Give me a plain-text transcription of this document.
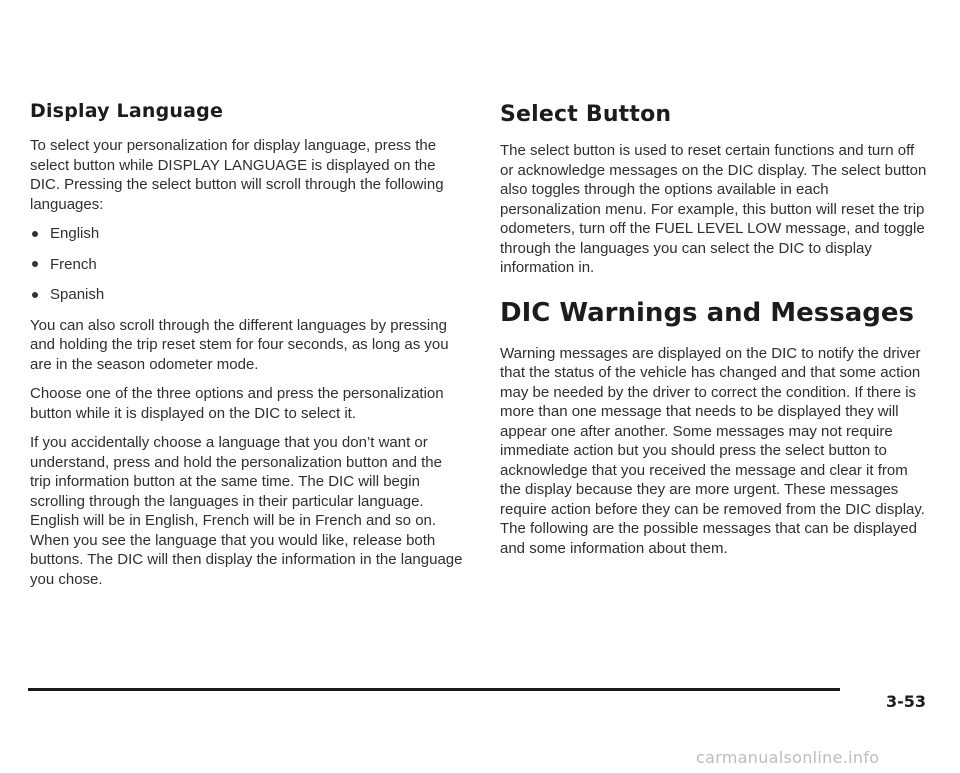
Display Language

To select your personalization for display language, press the select button while DISPLAY LANGUAGE is displayed on the DIC. Pressing the select button will scroll through the following languages:

English
French
Spanish

You can also scroll through the different languages by pressing and holding the trip reset stem for four seconds, as long as you are in the season odometer mode.

Choose one of the three options and press the personalization button while it is displayed on the DIC to select it.

If you accidentally choose a language that you don’t want or understand, press and hold the personalization button and the trip information button at the same time. The DIC will begin scrolling through the languages in their particular language. English will be in English, French will be in French and so on. When you see the language that you would like, release both buttons. The DIC will then display the information in the language you chose.

Select Button

The select button is used to reset certain functions and turn off or acknowledge messages on the DIC display. The select button also toggles through the options available in each personalization menu. For example, this button will reset the trip odometers, turn off the FUEL LEVEL LOW message, and toggle through the languages you can select the DIC to display information in.

DIC Warnings and Messages

Warning messages are displayed on the DIC to notify the driver that the status of the vehicle has changed and that some action may be needed by the driver to correct the condition. If there is more than one message that needs to be displayed they will appear one after another. Some messages may not require immediate action but you should press the select button to acknowledge that you received the message and clear it from the display because they are more urgent. These messages require action before they can be removed from the DIC display. The following are the possible messages that can be displayed and some information about them.

3-53
carmanualsonline.info
